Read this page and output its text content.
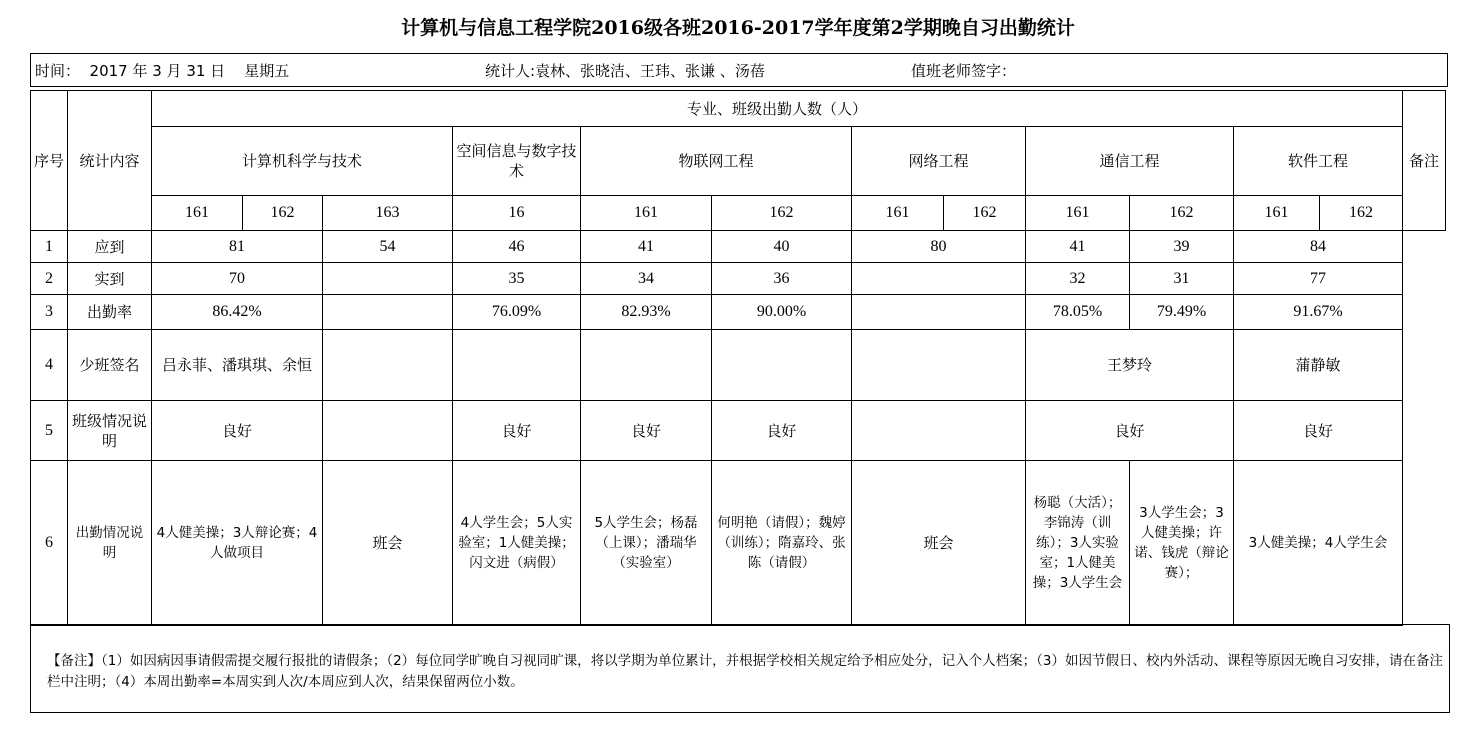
计算机与信息工程学院2016级各班2016-2017学年度第2学期晚自习出勤统计
时间：  2017 年 3 月 31 日    星期五	统计人:袁林、张晓洁、王玮、张谦 、汤蓓	值班老师签字：
序号	统计内容	专业、班级出勤人数（人）												备注
		计算机科学与技术			空间信息与数字技术	物联网工程		网络工程		通信工程		软件工程		
		161	162	163	16	161	162	161	162	161	162	161	162	
1	应到	81		54	46	41	40	80		41	39	84		
2	实到	70			35	34	36			32	31	77		
3	出勤率	86.42%			76.09%	82.93%	90.00%			78.05%	79.49%	91.67%		
4	少班签名	吕永菲、潘琪琪、余恒								王梦玲		蒲静敏		
5	班级情况说明	良好			良好	良好	良好			良好		良好		
6	出勤情况说明	4人健美操；3人辩论赛；4人做项目		班会	4人学生会；5人实验室；1人健美操；闪文进（病假）	5人学生会；杨磊（上课）；潘瑞华（实验室）	何明艳（请假）；魏婷（训练）；隋嘉玲、张陈（请假）	班会		杨聪（大活）；李锦涛（训练）；3人实验室；1人健美操；3人学生会	3人学生会；3人健美操；许诺、钱虎（辩论赛）；	3人健美操；4人学生会		
【备注】（1）如因病因事请假需提交履行报批的请假条；（2）每位同学旷晚自习视同旷课，将以学期为单位累计，并根据学校相关规定给予相应处分，记入个人档案；（3）如因节假日、校内外活动、课程等原因无晚自习安排，请在备注栏中注明；（4）本周出勤率=本周实到人次/本周应到人次，结果保留两位小数。
